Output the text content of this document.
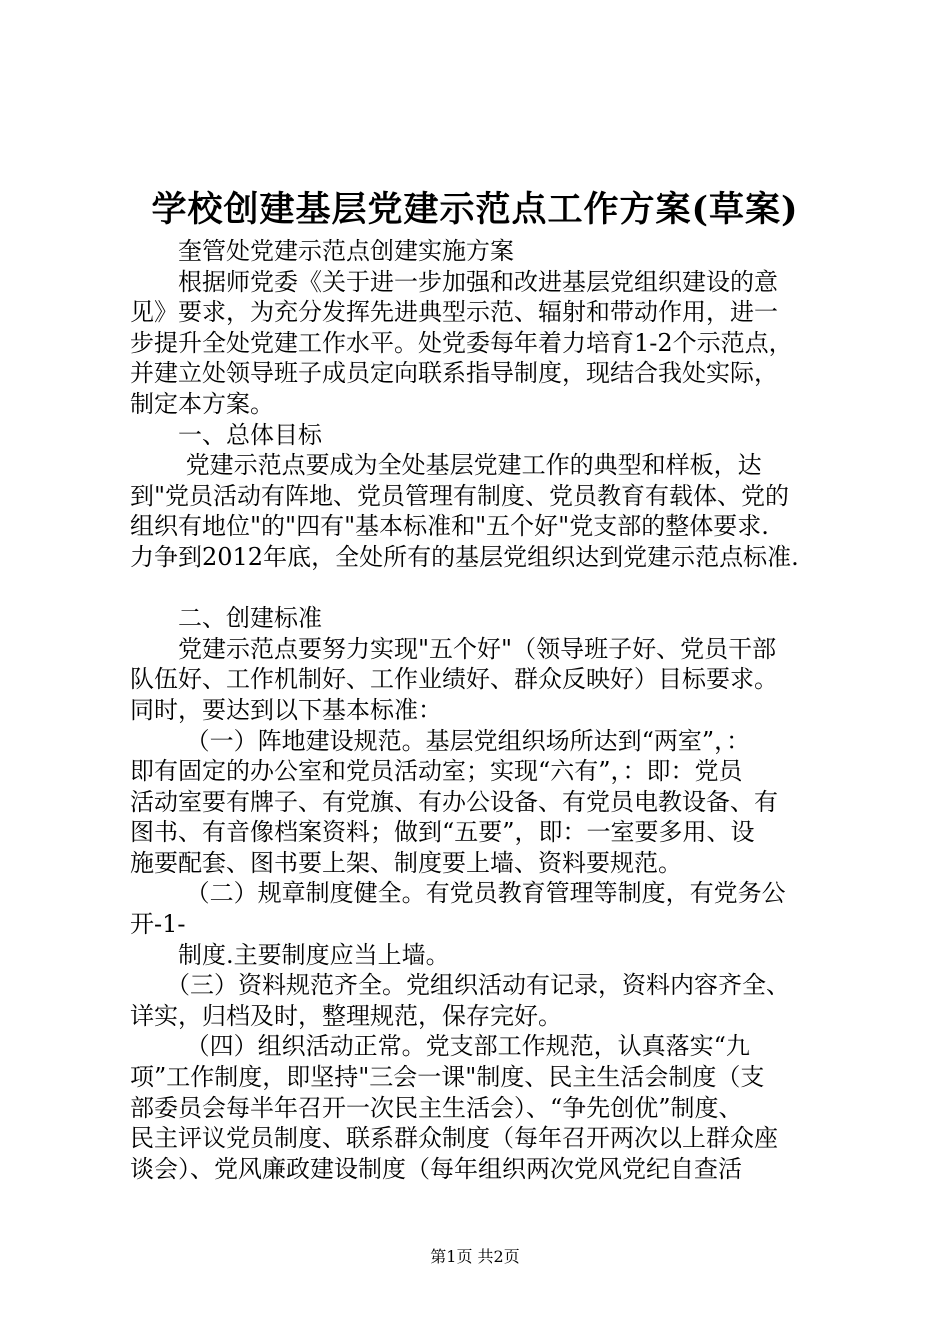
学校创建基层党建示范点工作方案(草案)
　　奎管处党建示范点创建实施方案
　　根据师党委《关于进一步加强和改进基层党组织建设的意
见》要求，为充分发挥先进典型示范、辐射和带动作用，进一
步提升全处党建工作水平。处党委每年着力培育1-2个示范点，
并建立处领导班子成员定向联系指导制度，现结合我处实际，
制定本方案。
　　一、总体目标
　　 党建示范点要成为全处基层党建工作的典型和样板，达
到"党员活动有阵地、党员管理有制度、党员教育有载体、党的
组织有地位"的"四有"基本标准和"五个好"党支部的整体要求.
力争到2012年底，全处所有的基层党组织达到党建示范点标准.
　　二、创建标准
　　党建示范点要努力实现"五个好"（领导班子好、党员干部
队伍好、工作机制好、工作业绩好、群众反映好）目标要求。
同时，要达到以下基本标准：
　　 （一）阵地建设规范。基层党组织场所达到“两室”，：
即有固定的办公室和党员活动室；实现“六有”，：即：党员
活动室要有牌子、有党旗、有办公设备、有党员电教设备、有
图书、有音像档案资料；做到“五要”，即：一室要多用、设
施要配套、图书要上架、制度要上墙、资料要规范。
　　 （二）规章制度健全。有党员教育管理等制度，有党务公
开-1-
　　制度.主要制度应当上墙。
　　（三）资料规范齐全。党组织活动有记录，资料内容齐全、
详实，归档及时，整理规范，保存完好。
　　 （四）组织活动正常。党支部工作规范，认真落实“九
项”工作制度，即坚持"三会一课"制度、民主生活会制度（支
部委员会每半年召开一次民主生活会）、“争先创优”制度、
民主评议党员制度、联系群众制度（每年召开两次以上群众座
谈会）、党风廉政建设制度（每年组织两次党风党纪自查活
第1页 共2页
